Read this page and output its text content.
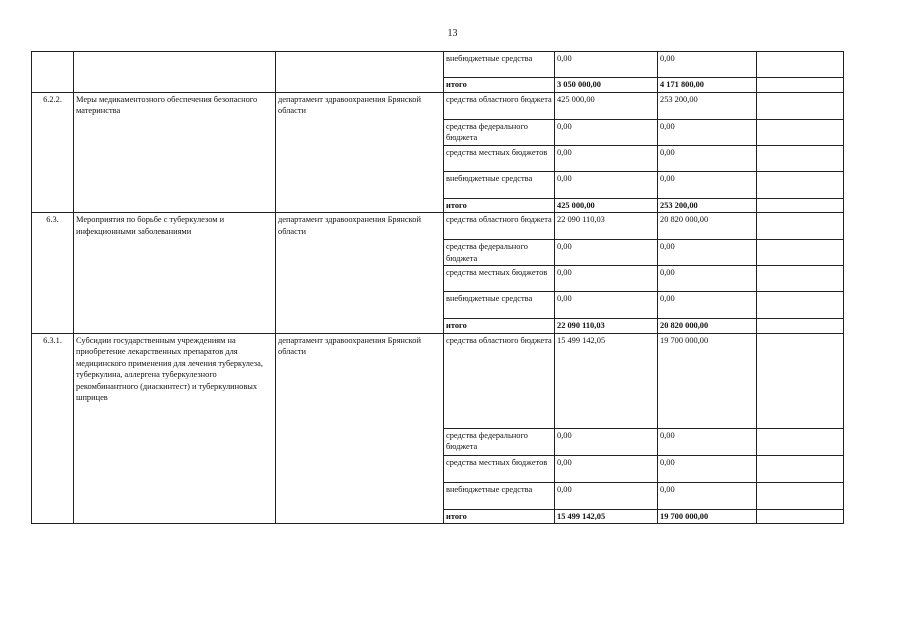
13
			внебюджетные средства	0,00	0,00	
			итого	3 050 000,00	4 171 800,00	
6.2.2.	Меры медикаментозного обеспечения безопасного материнства	департамент здравоохранения Брянской области	средства областного бюджета	425 000,00	253 200,00	
			средства федерального бюджета	0,00	0,00	
			средства местных бюджетов	0,00	0,00	
			внебюджетные средства	0,00	0,00	
			итого	425 000,00	253 200,00	
6.3.	Мероприятия по борьбе с туберкулезом и инфекционными заболеваниями	департамент здравоохранения Брянской области	средства областного бюджета	22 090 110,03	20 820 000,00	
			средства федерального бюджета	0,00	0,00	
			средства местных бюджетов	0,00	0,00	
			внебюджетные средства	0,00	0,00	
			итого	22 090 110,03	20 820 000,00	
6.3.1.	Субсидии государственным учреждениям на приобретение лекарственных препаратов для медицинского применения для лечения туберкулеза, туберкулина, аллергена туберкулезного рекомбинантного (диаскинтест) и туберкулиновых шприцев	департамент здравоохранения Брянской области	средства областного бюджета	15 499 142,05	19 700 000,00	
			средства федерального бюджета	0,00	0,00	
			средства местных бюджетов	0,00	0,00	
			внебюджетные средства	0,00	0,00	
			итого	15 499 142,05	19 700 000,00	
